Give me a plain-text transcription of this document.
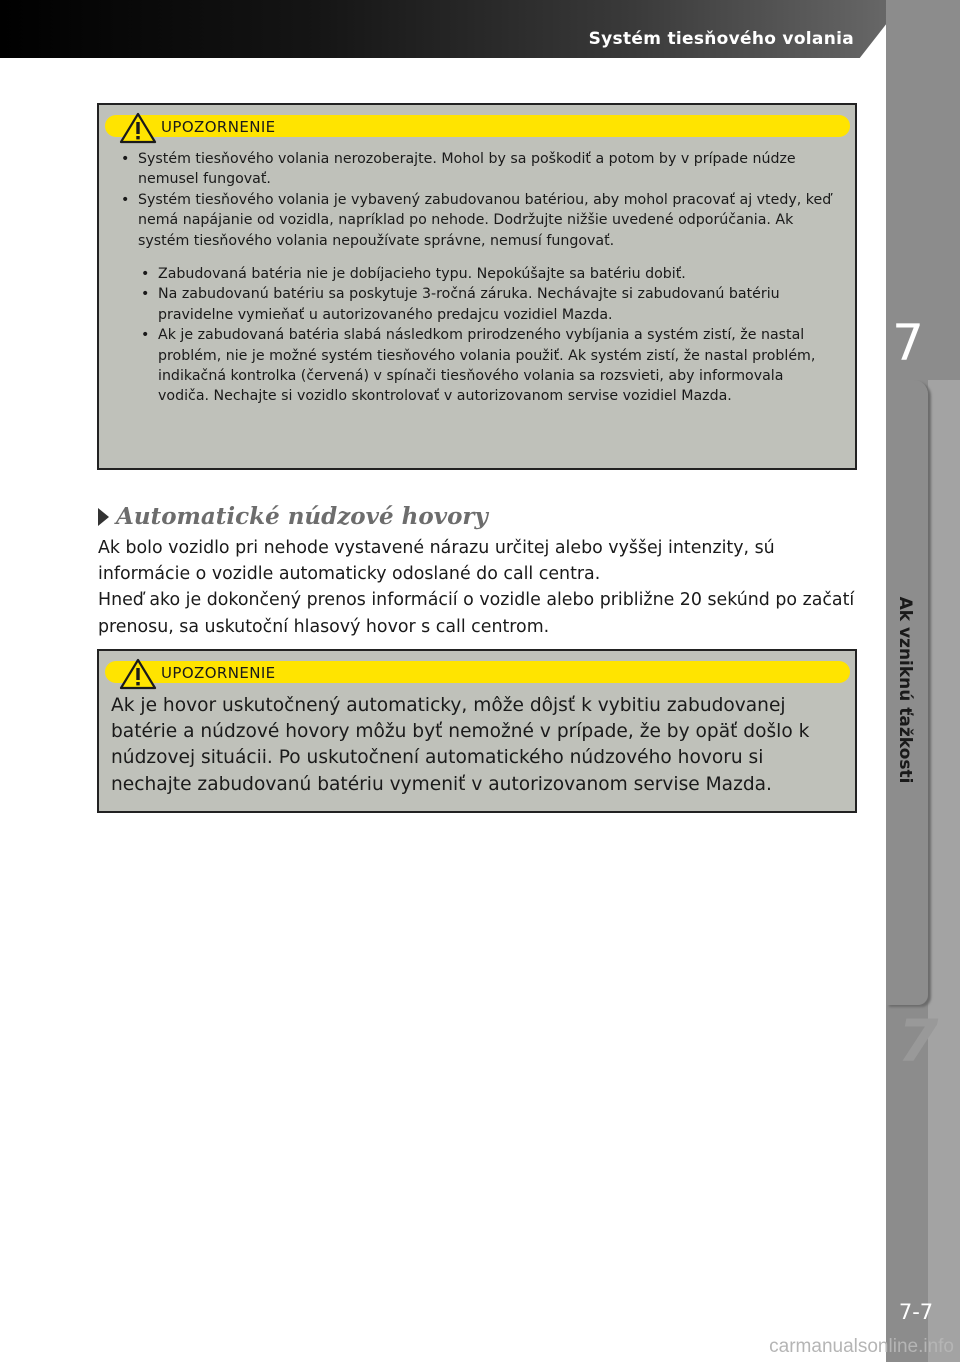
Systém tiesňového volania
7
Ak vzniknú ťažkosti
7
7-7
UPOZORNENIE
• Systém tiesňového volania nerozoberajte. Mohol by sa poškodiť a potom by v prípade núdze nemusel fungovať.
• Systém tiesňového volania je vybavený zabudovanou batériou, aby mohol pracovať aj vtedy, keď nemá napájanie od vozidla, napríklad po nehode. Dodržujte nižšie uvedené odporúčania. Ak systém tiesňového volania nepoužívate správne, nemusí fungovať.
• Zabudovaná batéria nie je dobíjacieho typu. Nepokúšajte sa batériu dobiť.
• Na zabudovanú batériu sa poskytuje 3-ročná záruka. Nechávajte si zabudovanú batériu pravidelne vymieňať u autorizovaného predajcu vozidiel Mazda.
• Ak je zabudovaná batéria slabá následkom prirodzeného vybíjania a systém zistí, že nastal problém, nie je možné systém tiesňového volania použiť. Ak systém zistí, že nastal problém, indikačná kontrolka (červená) v spínači tiesňového volania sa rozsvieti, aby informovala vodiča. Nechajte si vozidlo skontrolovať v autorizovanom servise vozidiel Mazda.
Automatické núdzové hovory

Ak bolo vozidlo pri nehode vystavené nárazu určitej alebo vyššej intenzity, sú informácie o vozidle automaticky odoslané do call centra.

Hneď ako je dokončený prenos informácií o vozidle alebo približne 20 sekúnd po začatí prenosu, sa uskutoční hlasový hovor s call centrom.

UPOZORNENIE
Ak je hovor uskutočnený automaticky, môže dôjsť k vybitiu zabudovanej batérie a núdzové hovory môžu byť nemožné v prípade, že by opäť došlo k núdzovej situácii. Po uskutočnení automatického núdzového hovoru si nechajte zabudovanú batériu vymeniť v autorizovanom servise Mazda.
carmanualsonline.info
